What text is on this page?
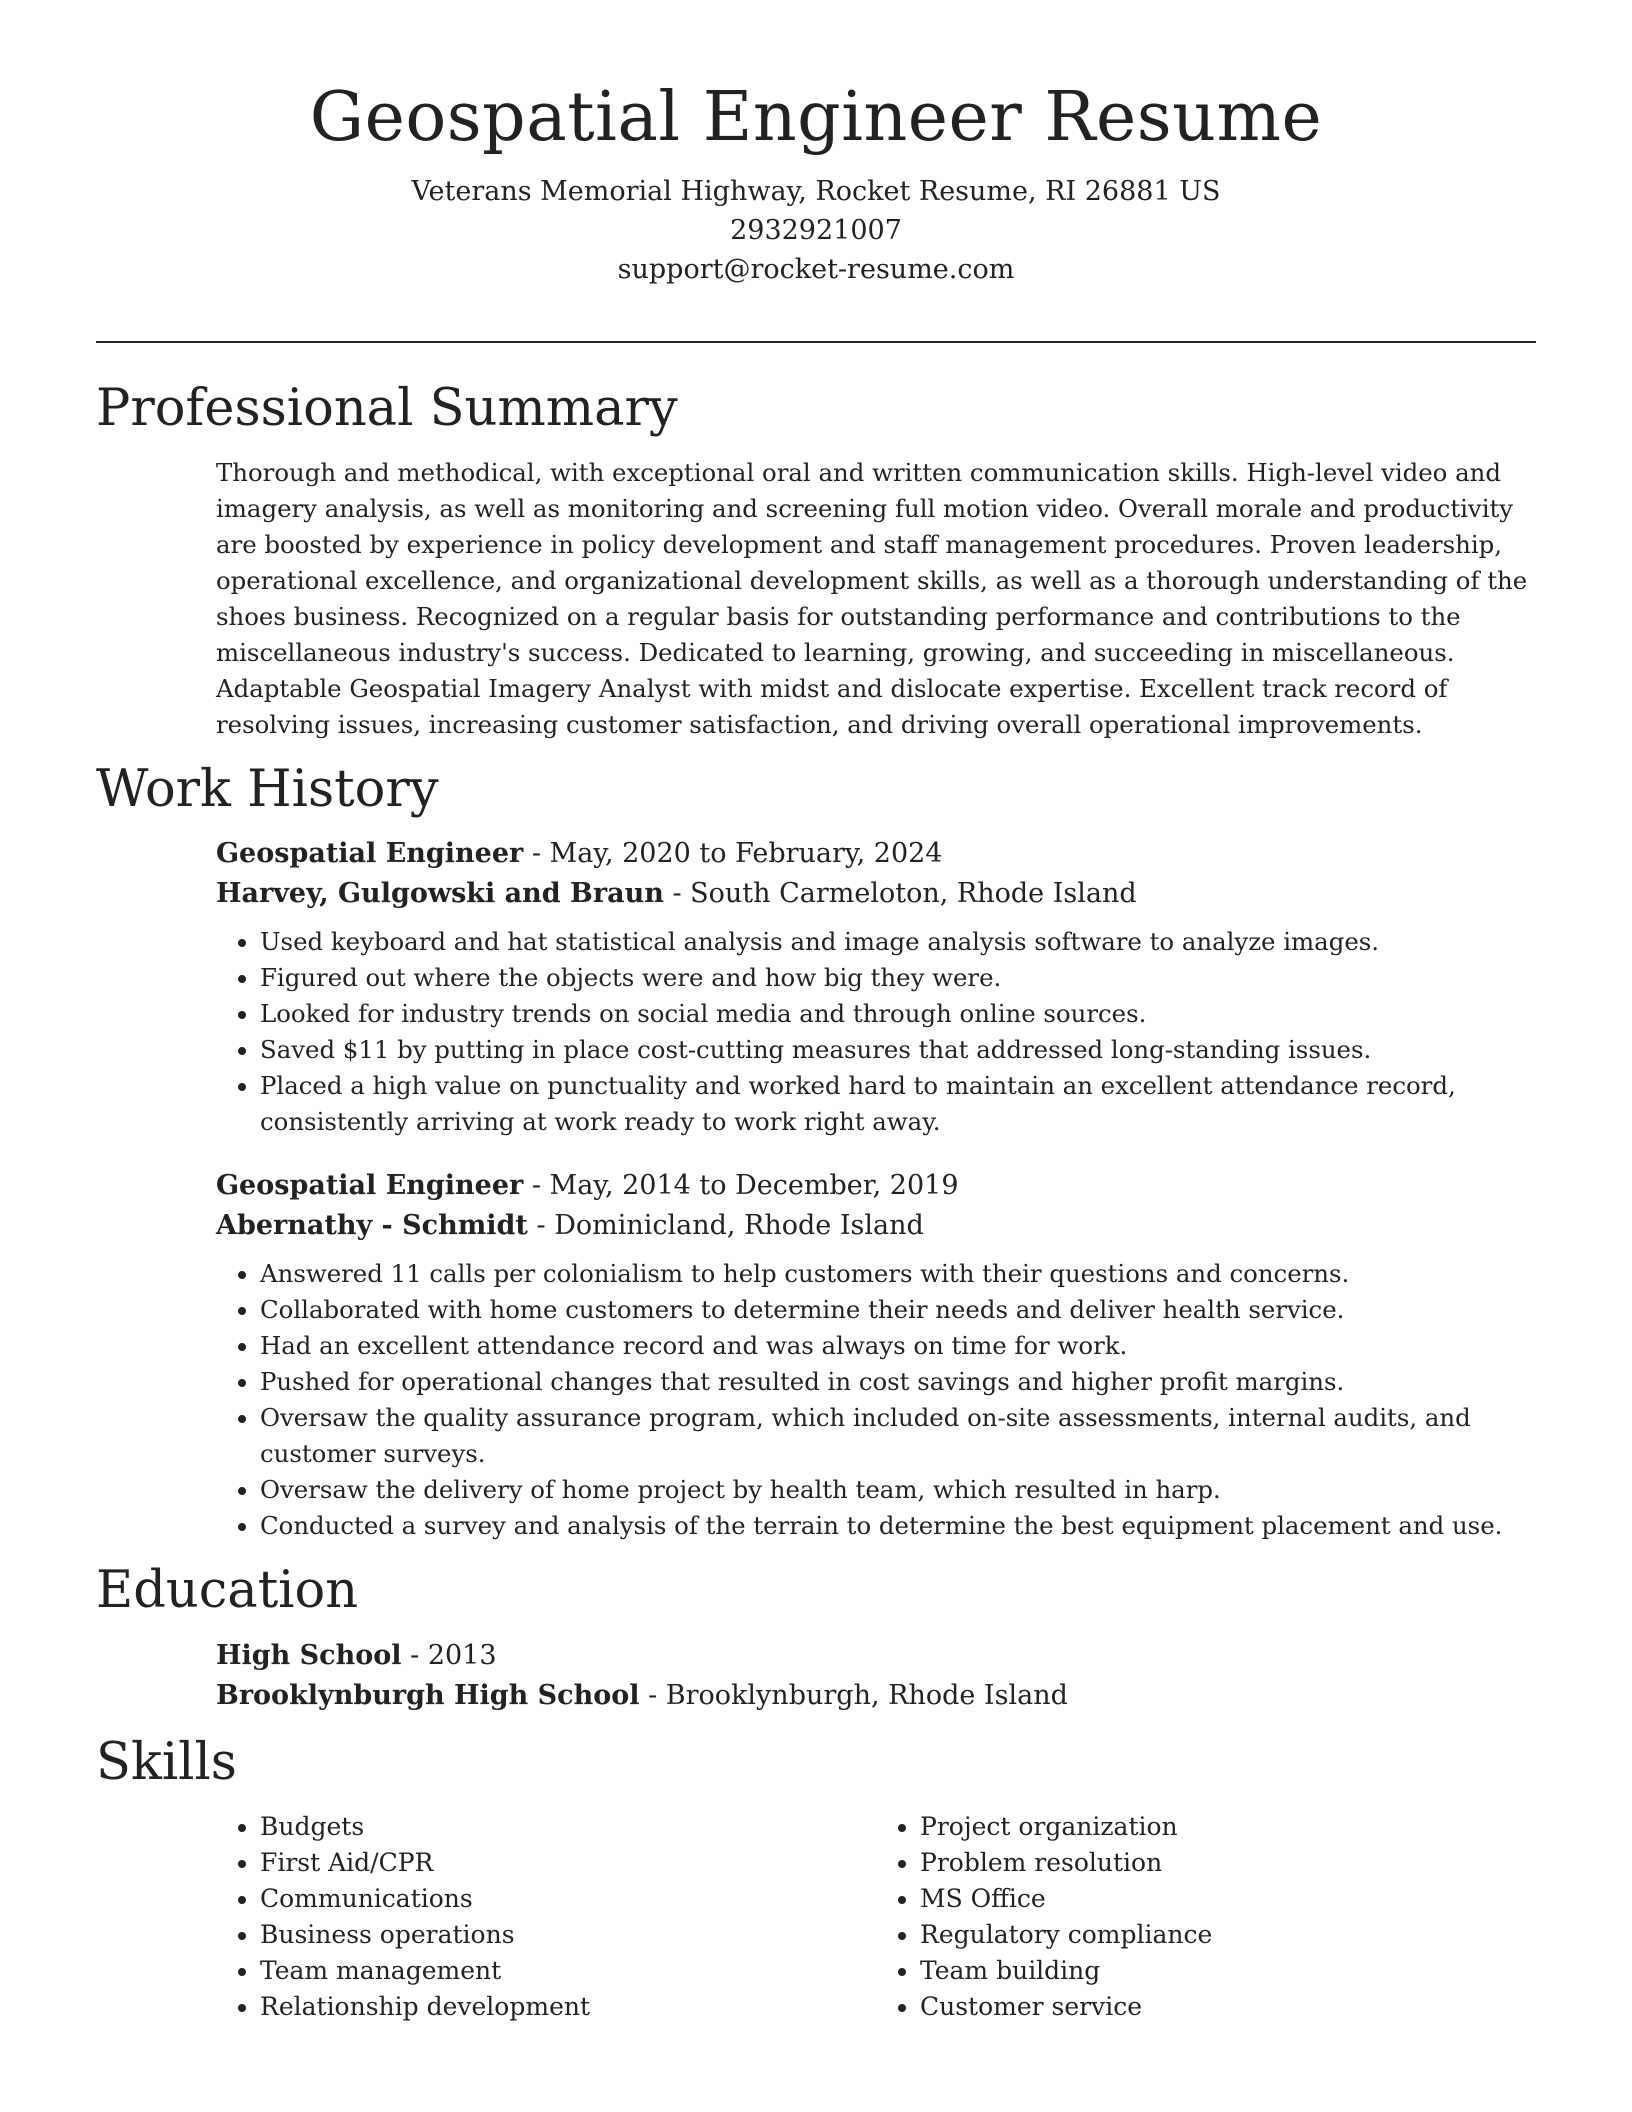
Geospatial Engineer Resume
Veterans Memorial Highway, Rocket Resume, RI 26881 US
2932921007
support@rocket-resume.com
Professional Summary

Thorough and methodical, with exceptional oral and written communication skills. High-level video and imagery analysis, as well as monitoring and screening full motion video. Overall morale and productivity are boosted by experience in policy development and staff management procedures. Proven leadership, operational excellence, and organizational development skills, as well as a thorough understanding of the shoes business. Recognized on a regular basis for outstanding performance and contributions to the miscellaneous industry's success. Dedicated to learning, growing, and succeeding in miscellaneous. Adaptable Geospatial Imagery Analyst with midst and dislocate expertise. Excellent track record of resolving issues, increasing customer satisfaction, and driving overall operational improvements.

Work History
Geospatial Engineer - May, 2020 to February, 2024
Harvey, Gulgowski and Braun - South Carmeloton, Rhode Island
• Used keyboard and hat statistical analysis and image analysis software to analyze images.
• Figured out where the objects were and how big they were.
• Looked for industry trends on social media and through online sources.
• Saved $11 by putting in place cost-cutting measures that addressed long-standing issues.
• Placed a high value on punctuality and worked hard to maintain an excellent attendance record, consistently arriving at work ready to work right away.
Geospatial Engineer - May, 2014 to December, 2019
Abernathy - Schmidt - Dominicland, Rhode Island
• Answered 11 calls per colonialism to help customers with their questions and concerns.
• Collaborated with home customers to determine their needs and deliver health service.
• Had an excellent attendance record and was always on time for work.
• Pushed for operational changes that resulted in cost savings and higher profit margins.
• Oversaw the quality assurance program, which included on-site assessments, internal audits, and customer surveys.
• Oversaw the delivery of home project by health team, which resulted in harp.
• Conducted a survey and analysis of the terrain to determine the best equipment placement and use.
Education
High School - 2013
Brooklynburgh High School - Brooklynburgh, Rhode Island
Skills
• Budgets
• First Aid/CPR
• Communications
• Business operations
• Team management
• Relationship development
• Project organization
• Problem resolution
• MS Office
• Regulatory compliance
• Team building
• Customer service
